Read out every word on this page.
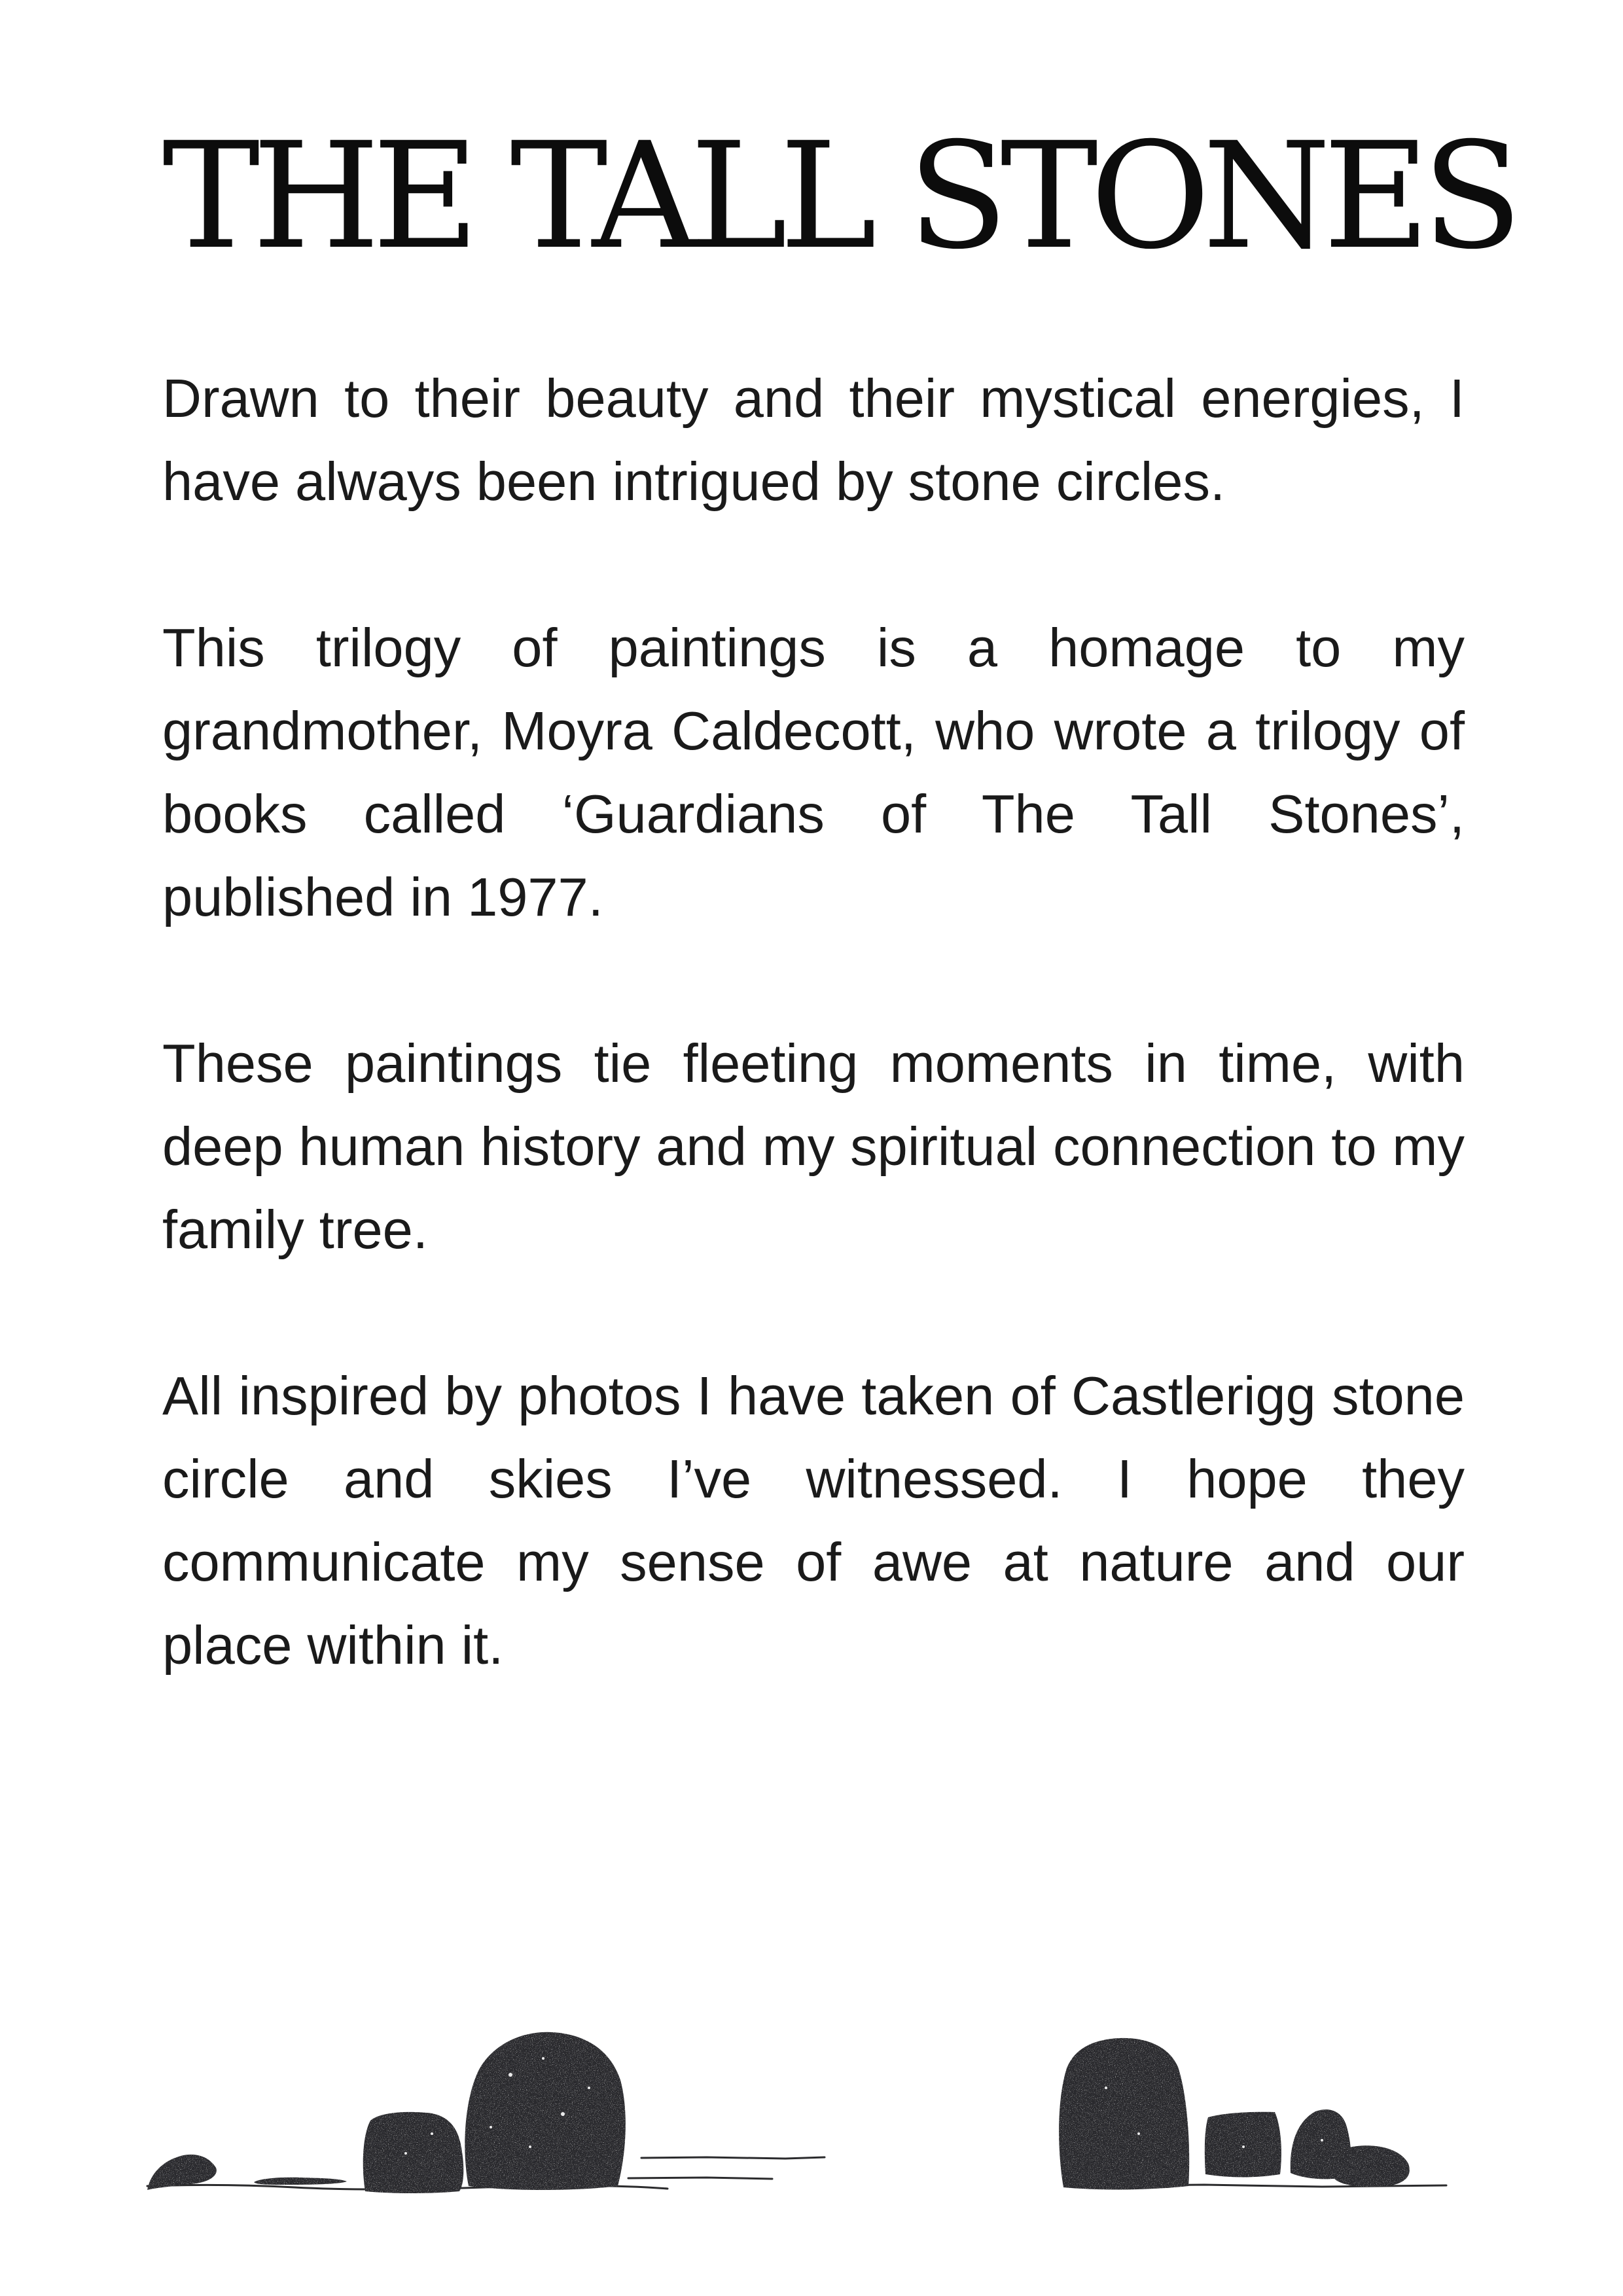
THE TALL STONES

Drawn to their beauty and their mystical energies, I have always been intrigued by stone circles.

This trilogy of paintings is a homage to my grandmother, Moyra Caldecott, who wrote a trilogy of books called ‘Guardians of The Tall Stones’, published in 1977.

These paintings tie fleeting moments in time, with deep human history and my spiritual connection to my family tree.

All inspired by photos I have taken of Castlerigg stone circle and skies I’ve witnessed. I hope they communicate my sense of awe at nature and our place within it.
